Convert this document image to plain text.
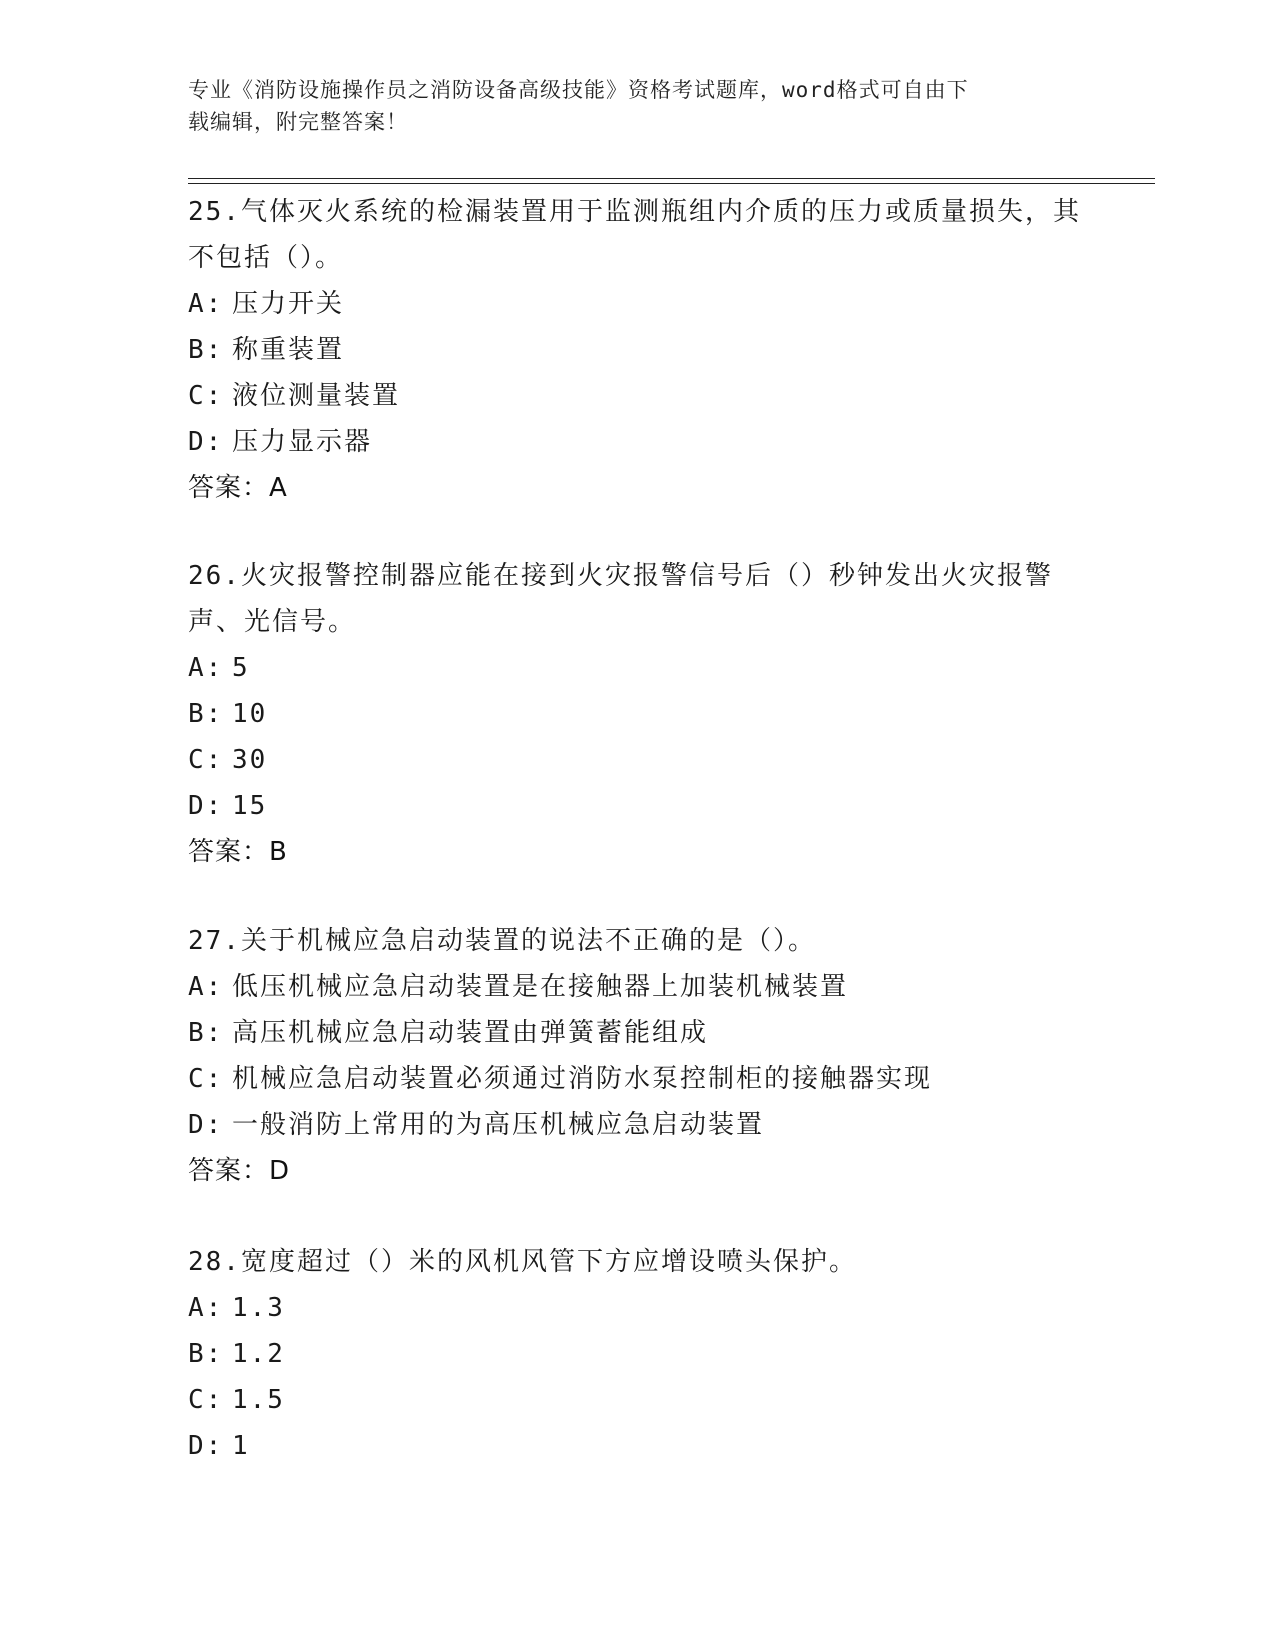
专业《消防设施操作员之消防设备高级技能》资格考试题库，word格式可自由下
载编辑，附完整答案！

25.气体灭火系统的检漏装置用于监测瓶组内介质的压力或质量损失，其不包括（）。

A: 压力开关

B: 称重装置

C: 液位测量装置

D: 压力显示器

答案：A

26.火灾报警控制器应能在接到火灾报警信号后（）秒钟发出火灾报警声、光信号。

A: 5

B: 10

C: 30

D: 15

答案：B

27.关于机械应急启动装置的说法不正确的是（）。

A: 低压机械应急启动装置是在接触器上加装机械装置

B: 高压机械应急启动装置由弹簧蓄能组成

C: 机械应急启动装置必须通过消防水泵控制柜的接触器实现

D: 一般消防上常用的为高压机械应急启动装置

答案：D

28.宽度超过（）米的风机风管下方应增设喷头保护。

A: 1.3

B: 1.2

C: 1.5

D: 1
